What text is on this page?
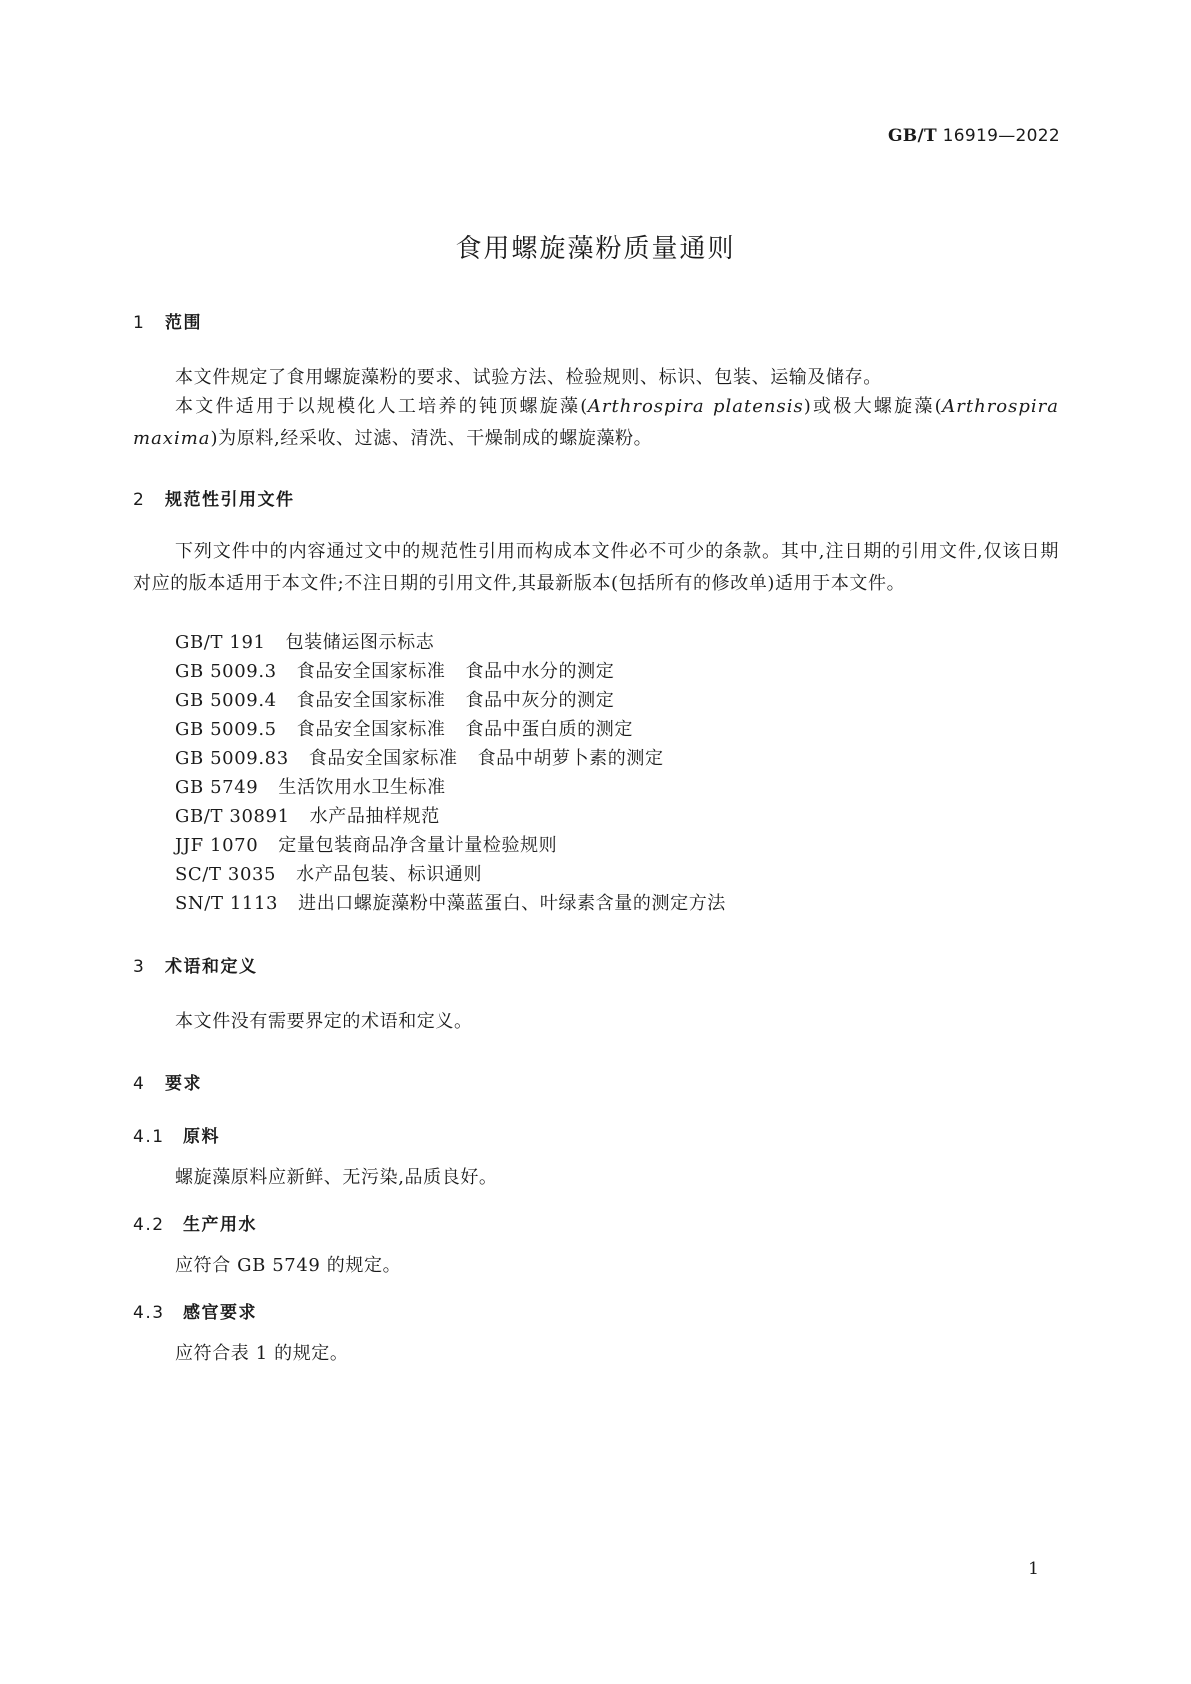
GB/T 16919—2022
食用螺旋藻粉质量通则
1 范围

本文件规定了食用螺旋藻粉的要求、试验方法、检验规则、标识、包装、运输及储存。

本文件适用于以规模化人工培养的钝顶螺旋藻(Arthrospira platensis)或极大螺旋藻(Arthrospira maxima)为原料,经采收、过滤、清洗、干燥制成的螺旋藻粉。

2 规范性引用文件

下列文件中的内容通过文中的规范性引用而构成本文件必不可少的条款。其中,注日期的引用文件,仅该日期对应的版本适用于本文件;不注日期的引用文件,其最新版本(包括所有的修改单)适用于本文件。

GB/T 191 包装储运图示标志
GB 5009.3 食品安全国家标准 食品中水分的测定
GB 5009.4 食品安全国家标准 食品中灰分的测定
GB 5009.5 食品安全国家标准 食品中蛋白质的测定
GB 5009.83 食品安全国家标准 食品中胡萝卜素的测定
GB 5749 生活饮用水卫生标准
GB/T 30891 水产品抽样规范
JJF 1070 定量包装商品净含量计量检验规则
SC/T 3035 水产品包装、标识通则
SN/T 1113 进出口螺旋藻粉中藻蓝蛋白、叶绿素含量的测定方法
3 术语和定义

本文件没有需要界定的术语和定义。

4 要求
4.1 原料

螺旋藻原料应新鲜、无污染,品质良好。

4.2 生产用水

应符合 GB 5749 的规定。

4.3 感官要求

应符合表 1 的规定。

1
